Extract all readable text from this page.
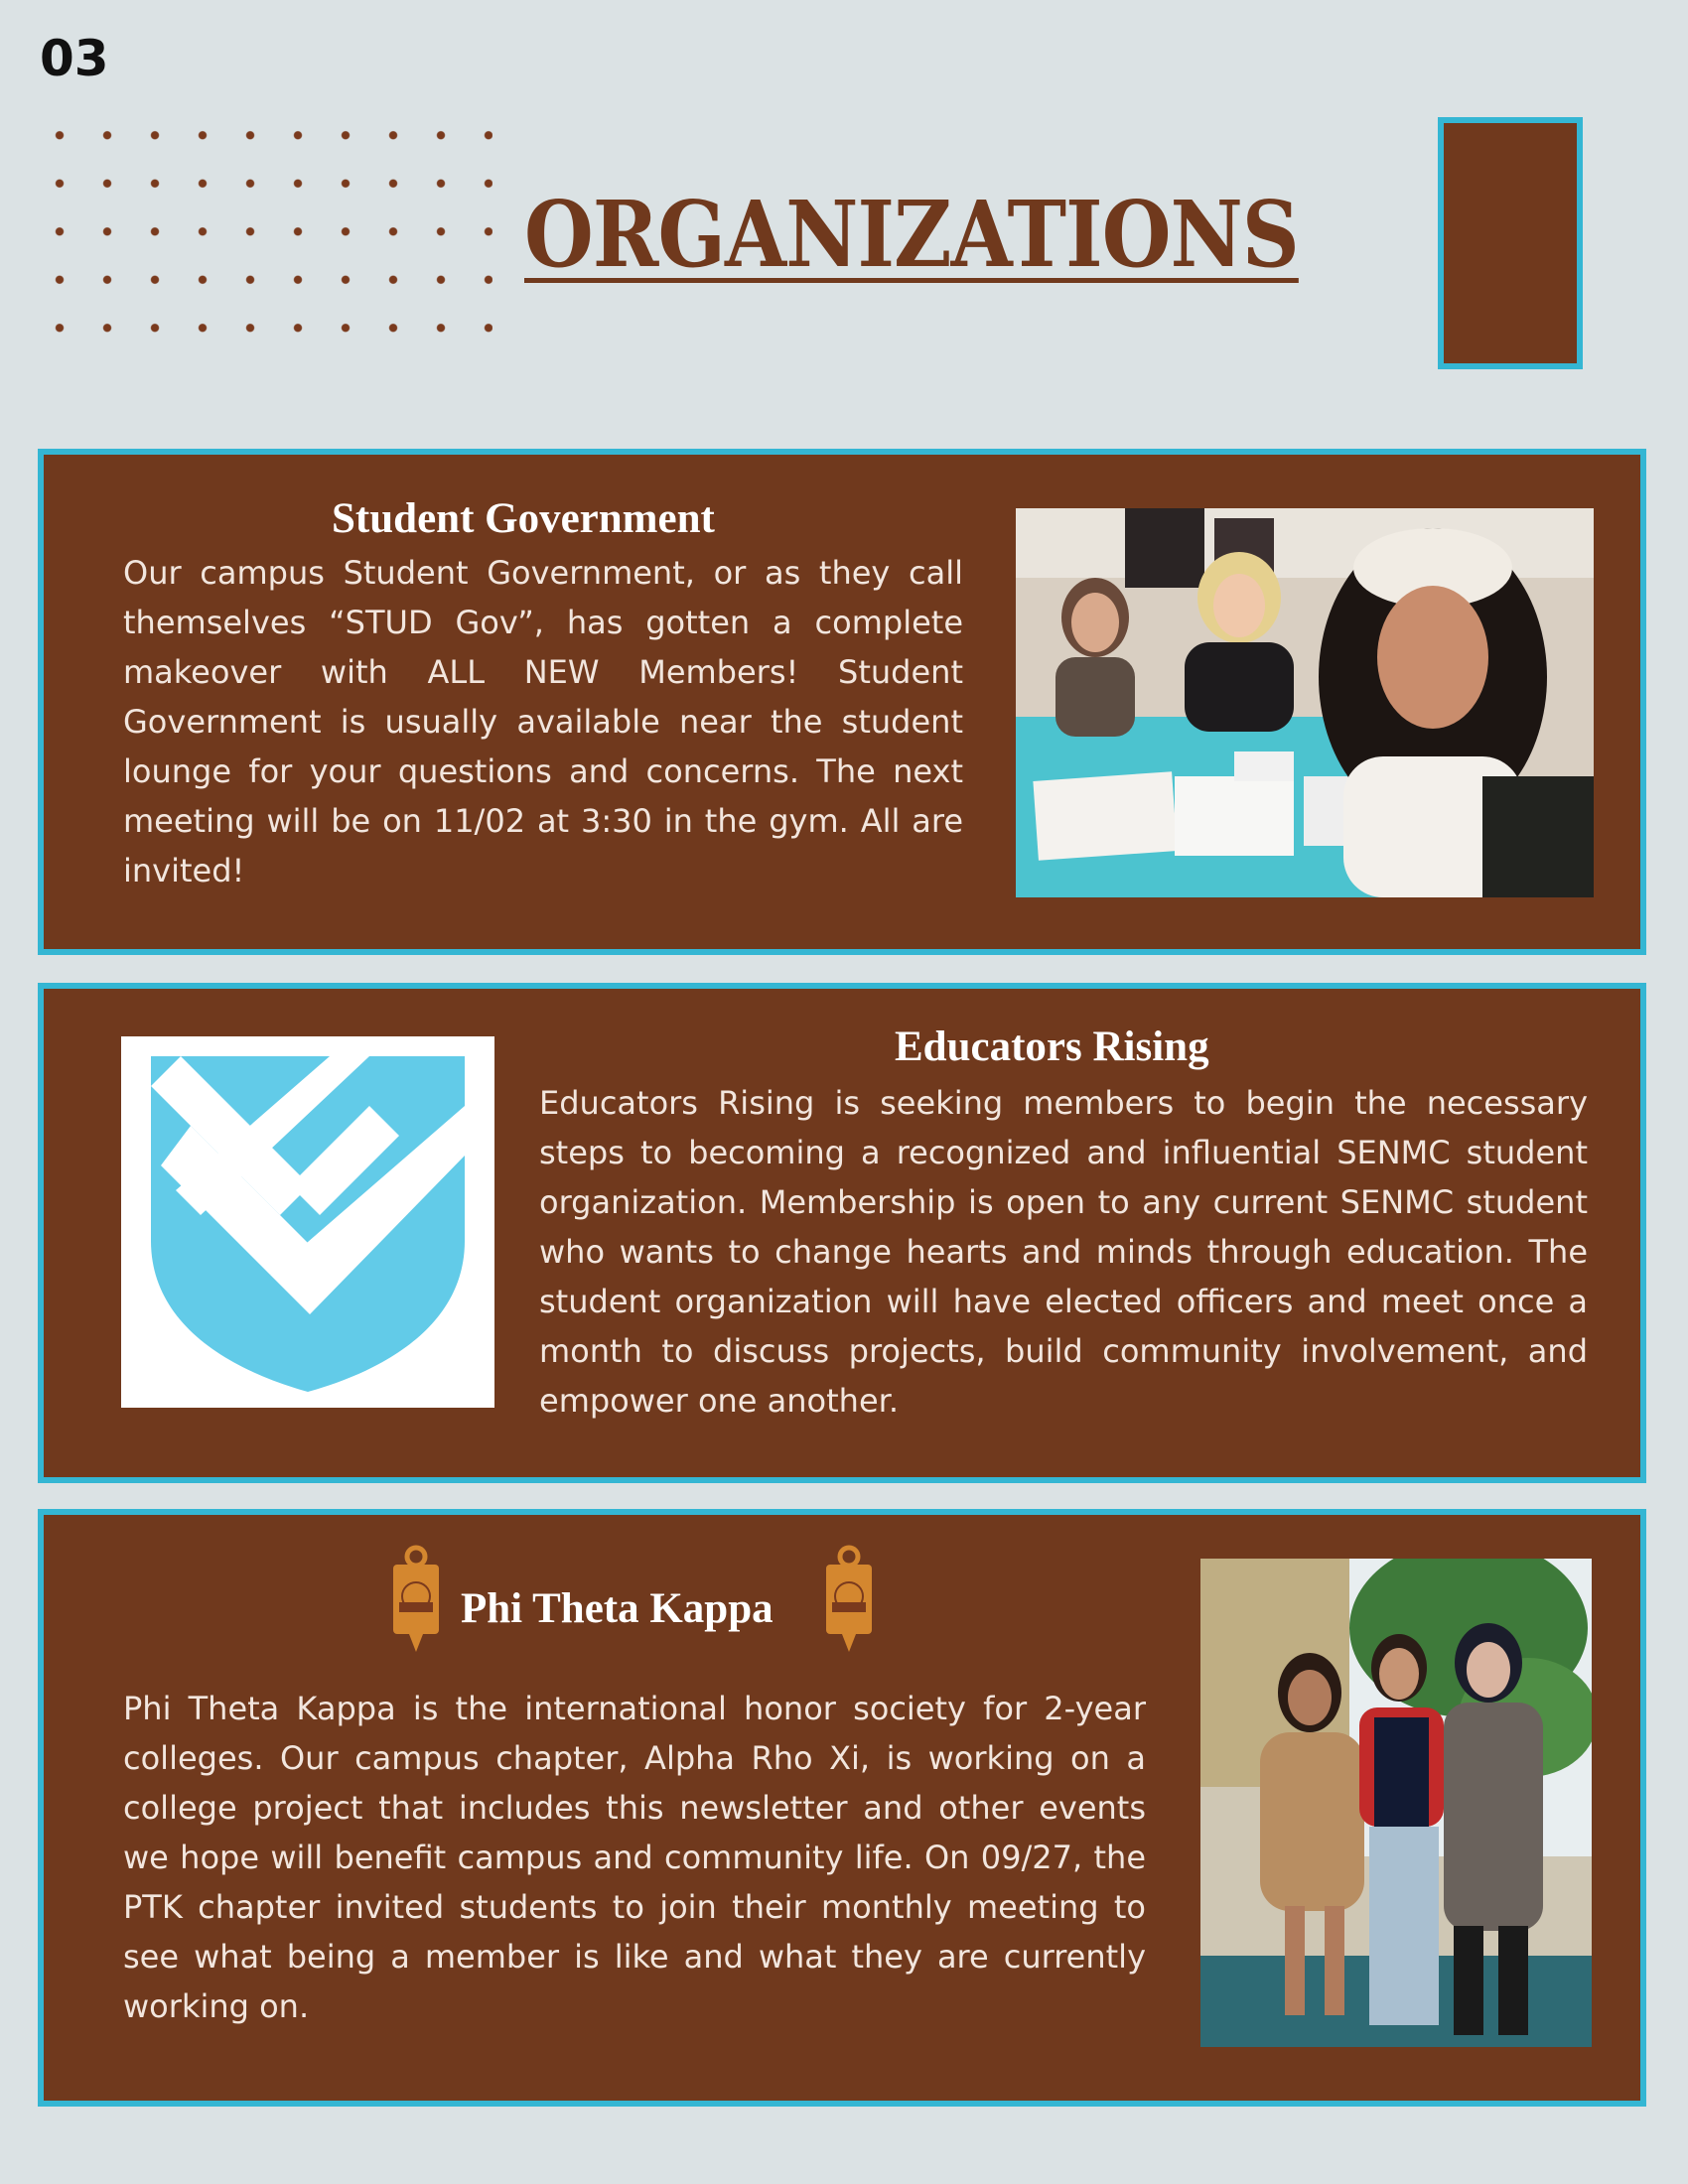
03
ORGANIZATIONS
Student Government
Our campus Student Government, or as they call themselves “STUD Gov”, has gotten a complete makeover with ALL NEW Members! Student Government is usually available near the student lounge for your questions and concerns. The next meeting will be on 11/02 at 3:30 in the gym. All are invited!
Educators Rising
Educators Rising is seeking members to begin the necessary steps to becoming a recognized and influential SENMC student organization. Membership is open to any current SENMC student who wants to change hearts and minds through education. The student organization will have elected officers and meet once a month to discuss projects, build community involvement, and empower one another.
Phi Theta Kappa
Phi Theta Kappa is the international honor society for 2-year colleges. Our campus chapter, Alpha Rho Xi, is working on a college project that includes this newsletter and other events we hope will benefit campus and community life. On 09/27, the PTK chapter invited students to join their monthly meeting to see what being a member is like and what they are currently working on.
